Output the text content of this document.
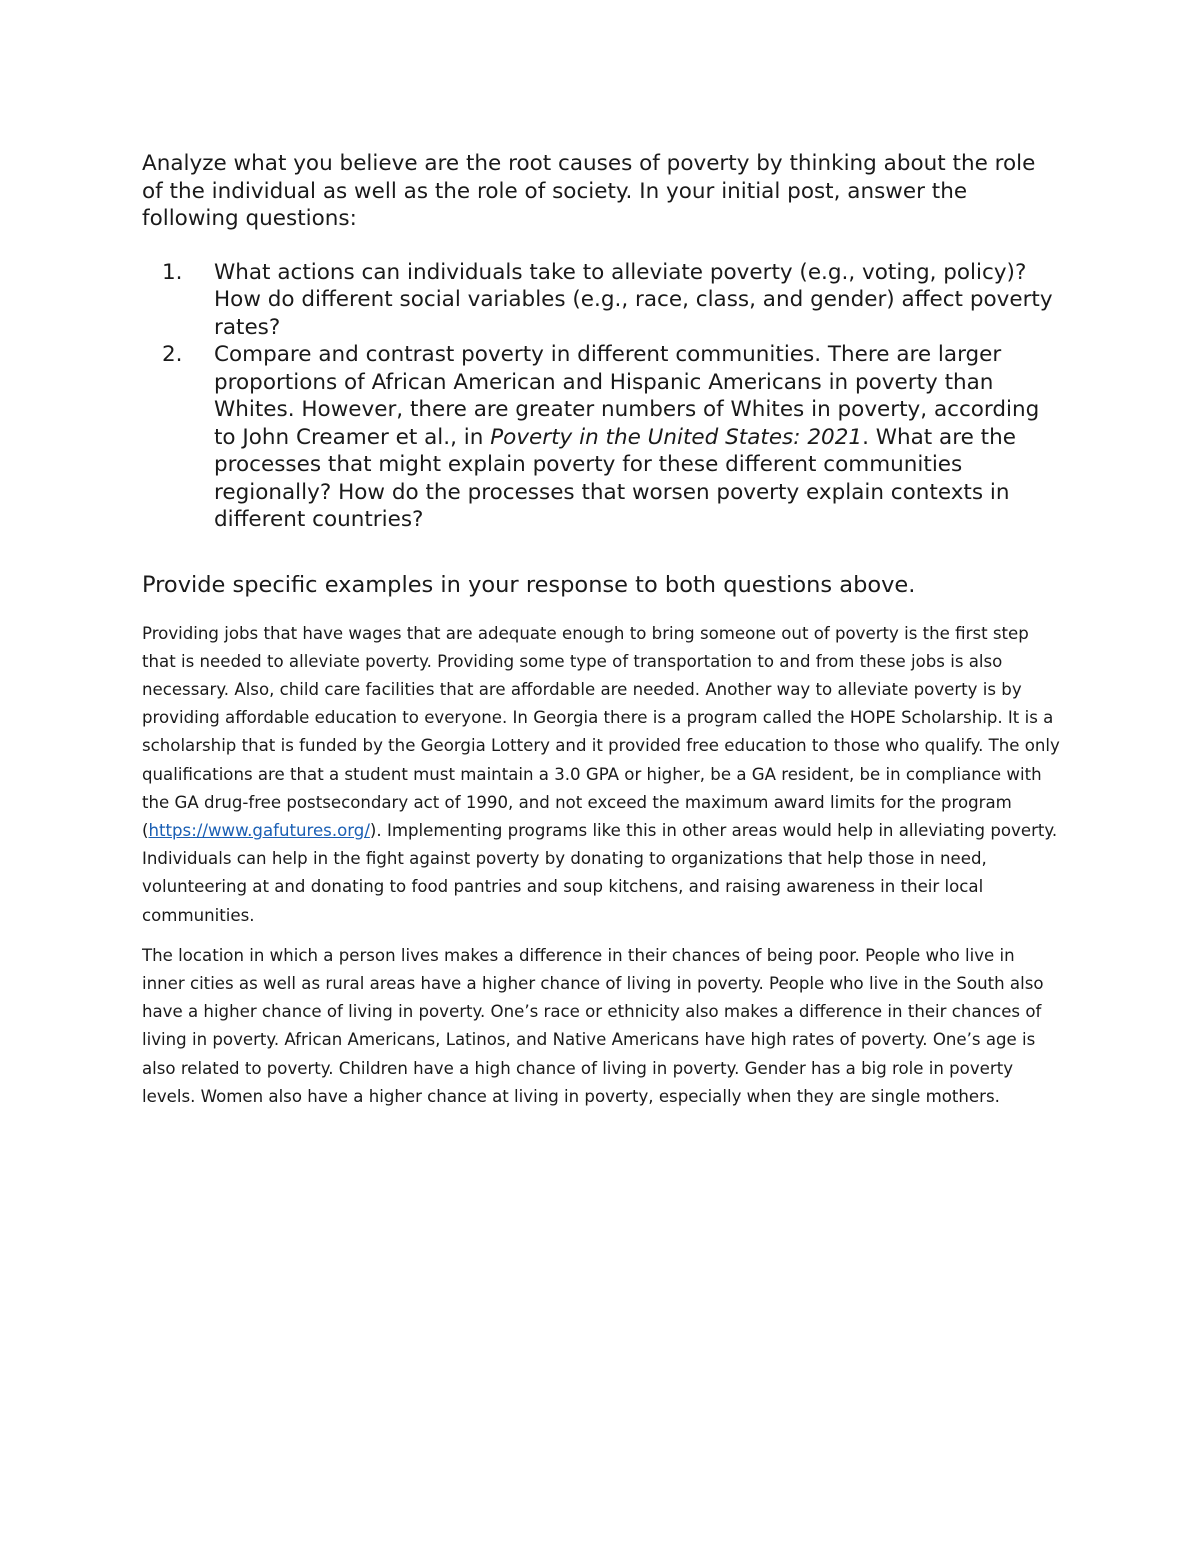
Analyze what you believe are the root causes of poverty by thinking about the role of the individual as well as the role of society. In your initial post, answer the following questions:

1. What actions can individuals take to alleviate poverty (e.g., voting, policy)? How do different social variables (e.g., race, class, and gender) affect poverty rates?
2. Compare and contrast poverty in different communities. There are larger proportions of African American and Hispanic Americans in poverty than Whites. However, there are greater numbers of Whites in poverty, according to John Creamer et al., in Poverty in the United States: 2021. What are the processes that might explain poverty for these different communities regionally? How do the processes that worsen poverty explain contexts in different countries?

Provide specific examples in your response to both questions above.

Providing jobs that have wages that are adequate enough to bring someone out of poverty is the first step that is needed to alleviate poverty. Providing some type of transportation to and from these jobs is also necessary. Also, child care facilities that are affordable are needed. Another way to alleviate poverty is by providing affordable education to everyone. In Georgia there is a program called the HOPE Scholarship. It is a scholarship that is funded by the Georgia Lottery and it provided free education to those who qualify. The only qualifications are that a student must maintain a 3.0 GPA or higher, be a GA resident, be in compliance with the GA drug-free postsecondary act of 1990, and not exceed the maximum award limits for the program (https://www.gafutures.org/). Implementing programs like this in other areas would help in alleviating poverty. Individuals can help in the fight against poverty by donating to organizations that help those in need, volunteering at and donating to food pantries and soup kitchens, and raising awareness in their local communities.

The location in which a person lives makes a difference in their chances of being poor. People who live in inner cities as well as rural areas have a higher chance of living in poverty. People who live in the South also have a higher chance of living in poverty. One’s race or ethnicity also makes a difference in their chances of living in poverty. African Americans, Latinos, and Native Americans have high rates of poverty. One’s age is also related to poverty. Children have a high chance of living in poverty. Gender has a big role in poverty levels. Women also have a higher chance at living in poverty, especially when they are single mothers.
